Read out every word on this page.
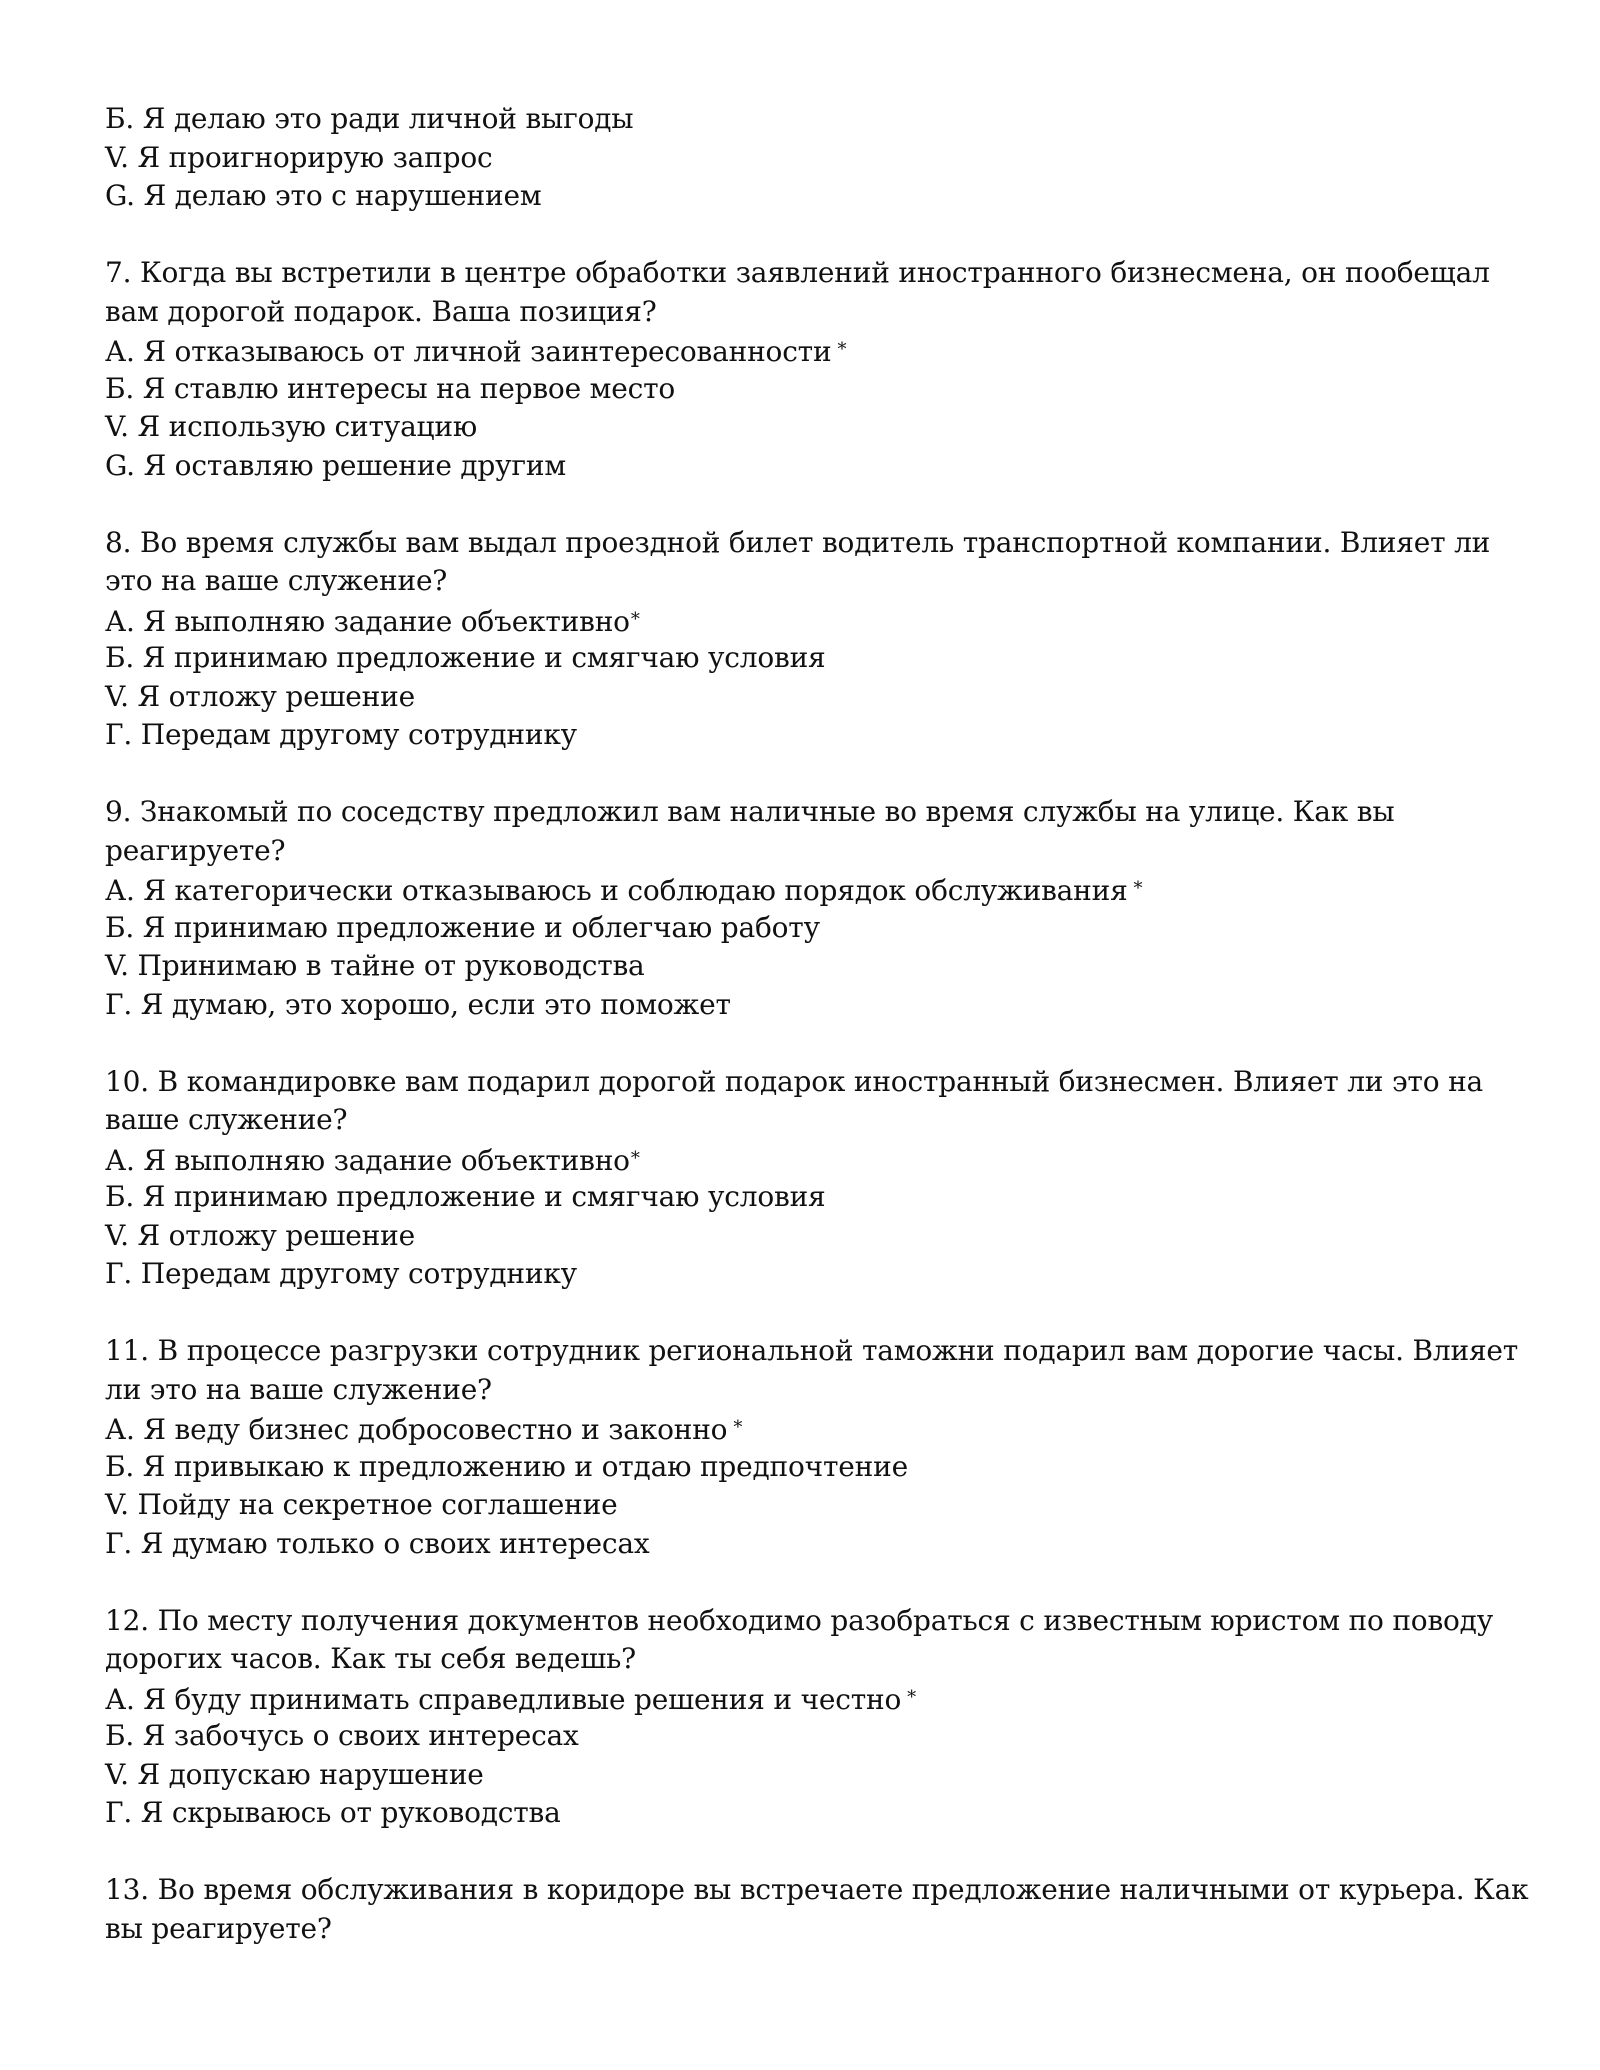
Б. Я делаю это ради личной выгоды
V. Я проигнорирую запрос
G. Я делаю это с нарушением
7. Когда вы встретили в центре обработки заявлений иностранного бизнесмена, он пообещал
вам дорогой подарок. Ваша позиция?
А. Я отказываюсь от личной заинтересованности *
Б. Я ставлю интересы на первое место
V. Я использую ситуацию
G. Я оставляю решение другим
8. Во время службы вам выдал проездной билет водитель транспортной компании. Влияет ли
это на ваше служение?
А. Я выполняю задание объективно*
Б. Я принимаю предложение и смягчаю условия
V. Я отложу решение
Г. Передам другому сотруднику
9. Знакомый по соседству предложил вам наличные во время службы на улице. Как вы
реагируете?
А. Я категорически отказываюсь и соблюдаю порядок обслуживания *
Б. Я принимаю предложение и облегчаю работу
V. Принимаю в тайне от руководства
Г. Я думаю, это хорошо, если это поможет
10. В командировке вам подарил дорогой подарок иностранный бизнесмен. Влияет ли это на
ваше служение?
А. Я выполняю задание объективно*
Б. Я принимаю предложение и смягчаю условия
V. Я отложу решение
Г. Передам другому сотруднику
11. В процессе разгрузки сотрудник региональной таможни подарил вам дорогие часы. Влияет
ли это на ваше служение?
А. Я веду бизнес добросовестно и законно *
Б. Я привыкаю к предложению и отдаю предпочтение
V. Пойду на секретное соглашение
Г. Я думаю только о своих интересах
12. По месту получения документов необходимо разобраться с известным юристом по поводу
дорогих часов. Как ты себя ведешь?
А. Я буду принимать справедливые решения и честно *
Б. Я забочусь о своих интересах
V. Я допускаю нарушение
Г. Я скрываюсь от руководства
13. Во время обслуживания в коридоре вы встречаете предложение наличными от курьера. Как
вы реагируете?
